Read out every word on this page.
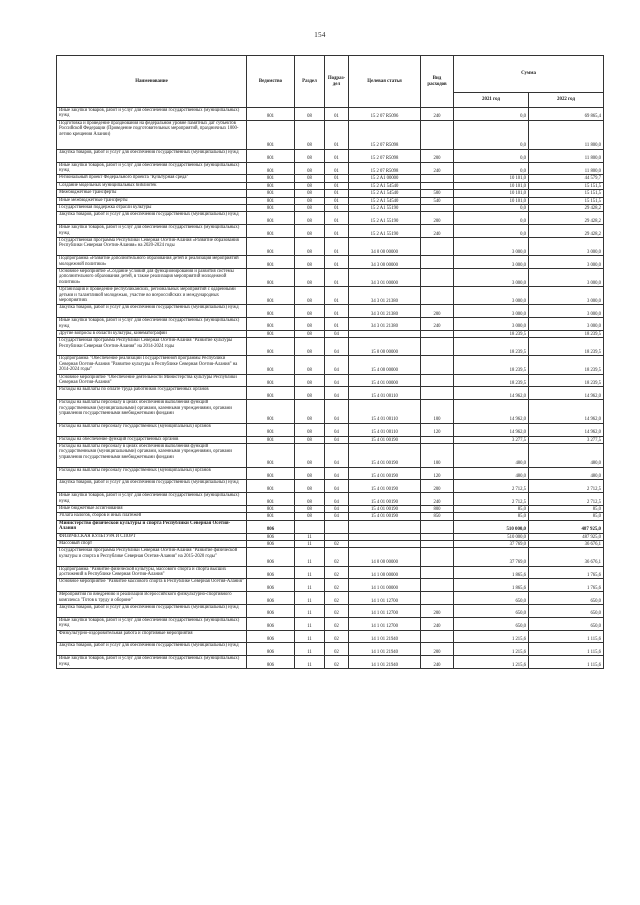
154
Наименование	Ведомство	Раздел	Подраз-дел	Целевая статья	Вид расходов	Сумма	
						2021 год	2022 год
Иные закупки товаров, работ и услуг для обеспечения государственных (муниципальных) нужд	801	08	01	15 2 07 R5096	240	0,0	69 865,4
Подготовка и проведение празднования на федеральном уровне памятных дат субъектов Российской Федерации (Проведение подготовительных мероприятий, праздничных 1000-летию крещения Алании)	801	08	01	15 2 07 R5098		0,0	11 800,0
Закупка товаров, работ и услуг для обеспечения государственных (муниципальных) нужд	801	08	01	15 2 07 R5098	200	0,0	11 800,0
Иные закупки товаров, работ и услуг для обеспечения государственных (муниципальных) нужд	801	08	01	15 2 07 R5098	240	0,0	11 800,0
Региональный проект Федерального проекта "Культурная среда"	801	08	01	15 2 A1 00000		10 101,0	44 579,7
Создание модельных муниципальных библиотек	801	08	01	15 2 A1 54540		10 101,0	15 151,5
Межбюджетные трансферты	801	08	01	15 2 A1 54540	500	10 101,0	15 151,5
Иные межбюджетные трансферты	801	08	01	15 2 A1 54540	540	10 101,0	15 151,5
Государственная поддержка отрасли культуры	801	08	01	15 2 A1 55190		0,0	29 428,2
Закупка товаров, работ и услуг для обеспечения государственных (муниципальных) нужд	801	08	01	15 2 A1 55190	200	0,0	29 428,2
Иные закупки товаров, работ и услуг для обеспечения государственных (муниципальных) нужд	801	08	01	15 2 A1 55190	240	0,0	29 428,2
Государственная программа Республики Северная Осетия-Алания «Развитие образования Республики Северная Осетия-Алания» на 2020-2024 годы	801	08	01	34 0 00 00000		3 000,0	3 000,0
Подпрограмма «Развитие дополнительного образования детей и реализация мероприятий молодежной политики»	801	08	01	34 3 00 00000		3 000,0	3 000,0
Основное мероприятие «Создание условий для функционирования и развития системы дополнительного образования детей, в также реализация мероприятий молодежной политики»	801	08	01	34 3 01 00000		3 000,0	3 000,0
Организация и проведение республиканских, региональных мероприятий с одаренными детьми и талантливой молодежью, участие во всероссийских и международных мероприятиях	801	08	01	34 3 01 21380		3 000,0	3 000,0
Закупка товаров, работ и услуг для обеспечения государственных (муниципальных) нужд	801	08	01	34 3 01 21380	200	3 000,0	3 000,0
Иные закупки товаров, работ и услуг для обеспечения государственных (муниципальных) нужд	801	08	01	34 3 01 21380	240	3 000,0	3 000,0
Другие вопросы в области культуры, кинематографии	801	08	04			18 239,5	18 239,5
Государственная программа Республики Северная Осетия-Алания "Развитие культуры Республики Северная Осетия-Алания" на 2014-2024 годы	801	08	04	15 0 00 00000		18 239,5	18 239,5
Подпрограмма "Обеспечение реализации Государственной программы Республики Северная Осетия-Алания "Развитие культуры в Республике Северная Осетия-Алания" на 2014-2024 годы"	801	08	04	15 4 00 00000		18 239,5	18 239,5
Основное мероприятие "Обеспечение деятельности Министерства культуры Республики Северная Осетия-Алания"	801	08	04	15 4 01 00000		18 239,5	18 239,5
Расходы на выплаты по оплате труда работников государственных органов	801	08	04	15 4 01 00110		14 962,0	14 962,0
Расходы на выплаты персоналу в целях обеспечения выполнения функций государственными (муниципальными) органами, казенными учреждениями, органами управления государственными внебюджетными фондами	801	08	04	15 4 01 00110	100	14 962,0	14 962,0
Расходы на выплаты персоналу государственных (муниципальных) органов	801	08	04	15 4 01 00110	120	14 962,0	14 962,0
Расходы на обеспечение функций государственных органов	801	08	04	15 4 01 00190		3 277,5	3 277,5
Расходы на выплаты персоналу в целях обеспечения выполнения функций государственными (муниципальными) органами, казенными учреждениями, органами управления государственными внебюджетными фондами	801	08	04	15 4 01 00190	100	480,0	480,0
Расходы на выплаты персоналу государственных (муниципальных) органов	801	08	04	15 4 01 00190	120	480,0	480,0
Закупка товаров, работ и услуг для обеспечения государственных (муниципальных) нужд	801	08	04	15 4 01 00190	200	2 712,5	2 712,5
Иные закупки товаров, работ и услуг для обеспечения государственных (муниципальных) нужд	801	08	04	15 4 01 00190	240	2 712,5	2 712,5
Иные бюджетные ассигнования	801	08	04	15 4 01 00190	800	85,0	85,0
Уплата налогов, сборов и иных платежей	801	08	04	15 4 01 00190	850	85,0	85,0
Министерство физической культуры и спорта Республики Северная Осетия-Алания	806					510 000,0	487 925,0
ФИЗИЧЕСКАЯ КУЛЬТУРА И СПОРТ	806	11				510 000,0	487 925,0
Массовый спорт	806	11	02			37 769,0	36 676,1
Государственная программа Республики Северная Осетия-Алания "Развитие физической культуры и спорта в Республике Северная Осетия-Алания" на 2015-2020 годы"	806	11	02	14 0 00 00000		37 769,0	36 676,1
Подпрограмма "Развитие физической культуры, массового спорта и спорта высших достижений в Республике Северная Осетия-Алания"	806	11	02	14 1 00 00000		1 865,6	1 765,6
Основное мероприятие "Развитие массового спорта в Республике Северная Осетия-Алания"	806	11	02	14 1 01 00000		1 865,6	1 765,6
Мероприятия по внедрению и реализации Всероссийского физкультурно-спортивного комплекса "Готов к труду и обороне"	806	11	02	14 1 01 12700		650,0	650,0
Закупка товаров, работ и услуг для обеспечения государственных (муниципальных) нужд	806	11	02	14 1 01 12700	200	650,0	650,0
Иные закупки товаров, работ и услуг для обеспечения государственных (муниципальных) нужд	806	11	02	14 1 01 12700	240	650,0	650,0
Физкультурно-оздоровительная работа и спортивные мероприятия	806	11	02	14 1 01 21940		1 215,6	1 115,6
Закупка товаров, работ и услуг для обеспечения государственных (муниципальных) нужд	806	11	02	14 1 01 21940	200	1 215,6	1 115,6
Иные закупки товаров, работ и услуг для обеспечения государственных (муниципальных) нужд	806	11	02	14 1 01 21940	240	1 215,6	1 115,6
